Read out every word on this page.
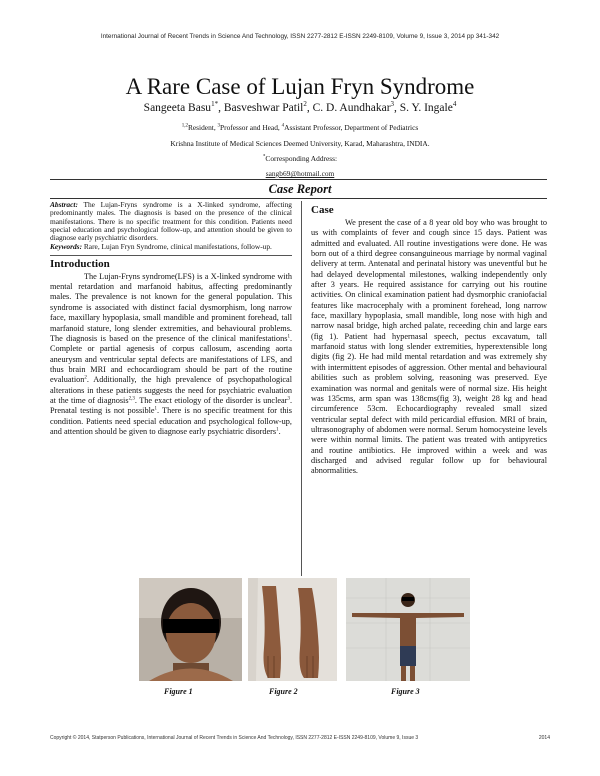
International Journal of Recent Trends in Science And Technology, ISSN 2277-2812 E-ISSN 2249-8109, Volume 9, Issue 3, 2014 pp 341-342
A Rare Case of Lujan Fryn Syndrome
Sangeeta Basu$^{1*}$, Basveshwar Patil$^2$, C. D. Aundhakar$^3$, S. Y. Ingale$^4$
$^{1,2}$Resident, $^3$Professor and Head, $^4$Assistant Professor, Department of Pediatrics
Krishna Institute of Medical Sciences Deemed University, Karad, Maharashtra, INDIA.
*Corresponding Address:
sangb69@hotmail.com
Case Report

Abstract: The Lujan-Fryns syndrome is a X-linked syndrome, affecting predominantly males. The diagnosis is based on the presence of the clinical manifestations. There is no specific treatment for this condition. Patients need special education and psychological follow-up, and attention should be given to diagnose early psychiatric disorders.

Keywords: Rare, Lujan Fryn Syndrome, clinical manifestations, follow-up.

Introduction

The Lujan-Fryns syndrome(LFS) is a X-linked syndrome with mental retardation and marfanoid habitus, affecting predominantly males. The prevalence is not known for the general population. This syndrome is associated with distinct facial dysmorphism, long narrow face, maxillary hypoplasia, small mandible and prominent forehead, tall marfanoid stature, long slender extremities, and behavioural problems. The diagnosis is based on the presence of the clinical manifestations$^1$. Complete or partial agenesis of corpus callosum, ascending aorta aneurysm and ventricular septal defects are manifestations of LFS, and thus brain MRI and echocardiogram should be part of the routine evaluation$^2$. Additionally, the high prevalence of psychopathological alterations in these patients suggests the need for psychiatric evaluation at the time of diagnosis$^{2,3}$. The exact etiology of the disorder is unclear$^3$. Prenatal testing is not possible$^1$. There is no specific treatment for this condition. Patients need special education and psychological follow-up, and attention should be given to diagnose early psychiatric disorders$^1$.

Case

We present the case of a 8 year old boy who was brought to us with complaints of fever and cough since 15 days. Patient was admitted and evaluated. All routine investigations were done. He was born out of a third degree consanguineous marriage by normal vaginal delivery at term. Antenatal and perinatal history was uneventful but he had delayed developmental milestones, walking independently only after 3 years. He required assistance for carrying out his routine activities. On clinical examination patient had dysmorphic craniofacial features like macrocephaly with a prominent forehead, long narrow face, maxillary hypoplasia, small mandible, long nose with high and narrow nasal bridge, high arched palate, receeding chin and large ears (fig 1). Patient had hypernasal speech, pectus excavatum, tall marfanoid status with long slender extremities, hyperextensible long digits (fig 2). He had mild mental retardation and was extremely shy with intermittent episodes of aggression. Other mental and behavioural abilities such as problem solving, reasoning was preserved. Eye examination was normal and genitals were of normal size. His height was 135cms, arm span was 138cms(fig 3), weight 28 kg and head circumference 53cm. Echocardiography revealed small sized ventricular septal defect with mild pericardial effusion. MRI of brain, ultrasonography of abdomen were normal. Serum homocysteine levels were within normal limits. The patient was treated with antipyretics and routine antibiotics. He improved within a week and was discharged and advised regular follow up for behavioural abnormalities.

Figure 1	Figure 2	Figure 3
Copyright © 2014, Statperson Publications, International Journal of Recent Trends in Science And Technology, ISSN 2277-2812 E-ISSN 2249-8109, Volume 9, Issue 3	2014
